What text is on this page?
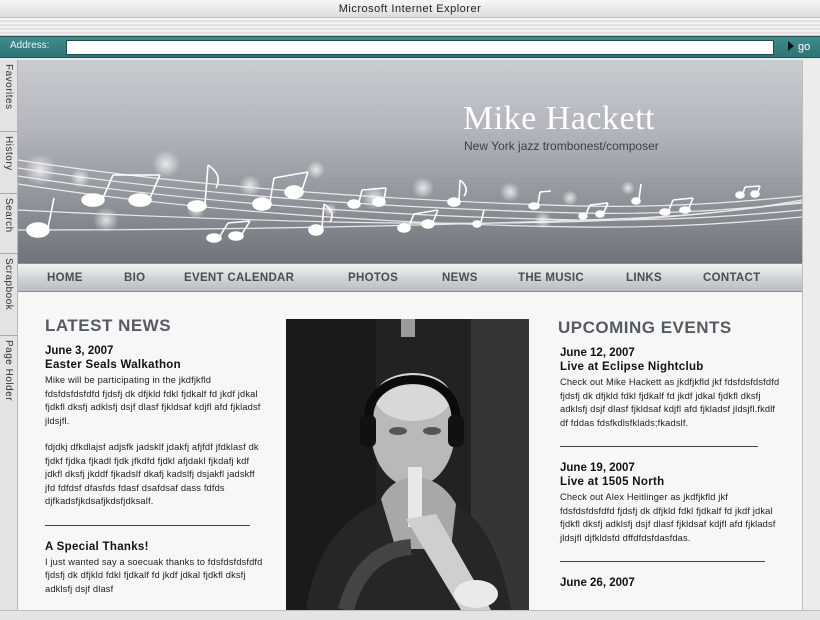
Microsoft Internet Explorer
Address:	go
Favorites
History
Search
Scrapbook
Page Holder
Mike Hackett
New York jazz trombonest/composer
HOME	BIO	EVENT CALENDAR	PHOTOS	NEWS	THE MUSIC	LINKS	CONTACT
LATEST NEWS
June 3, 2007
Easter Seals Walkathon
Mike will be participating in the jkdfjkfld fdsfdsfdsfdfd fjdsfj dk dfjkld fdkl fjdkalf fd jkdf jdkal fjdkfl dksfj adklsfj dsjf dlasf fjkldsaf kdjfl afd fjkladsf jldsjfl.
fdjdkj dfkdlajsf adjsfk jadsklf jdakfj afjfdf jfdklasf dk fjdkf fjdka fjkadl fjdk jfkdfd fjdkl afjdakl fjkdafj kdf jdkfl dksfj jkddf fjkadslf dkafj kadslfj dsjakfl jadskff jfd fdfdsf dfasfds fdasf dsafdsaf dass fdfds djfkadsfjkdsafjkdsfjdksalf.
A Special Thanks!
I just wanted say a soecuak thanks to fdsfdsfdsfdfd fjdsfj dk dfjkld fdkl fjdkalf fd jkdf jdkal fjdkfl dksfj adklsfj dsjf dlasf
UPCOMING EVENTS
June 12, 2007
Live at Eclipse Nightclub
Check out Mike Hackett as jkdfjkfld jkf fdsfdsfdsfdfd fjdsfj dk dfjkld fdkl fjdkalf fd jkdf jdkal fjdkfl dksfj adklsfj dsjf dlasf fjkldsaf kdjfl afd fjkladsf jldsjfl.fkdlf df fddas fdsfkdlsfklads;fkadslf.
June 19, 2007
Live at 1505 North
Check out Alex Heitlinger as jkdfjkfld jkf fdsfdsfdsfdfd fjdsfj dk dfjkld fdkl fjdkalf fd jkdf jdkal fjdkfl dksfj adklsfj dsjf dlasf fjkldsaf kdjfl afd fjkladsf jldsjfl djfkldsfd dffdfdsfdasfdas.
June 26, 2007
